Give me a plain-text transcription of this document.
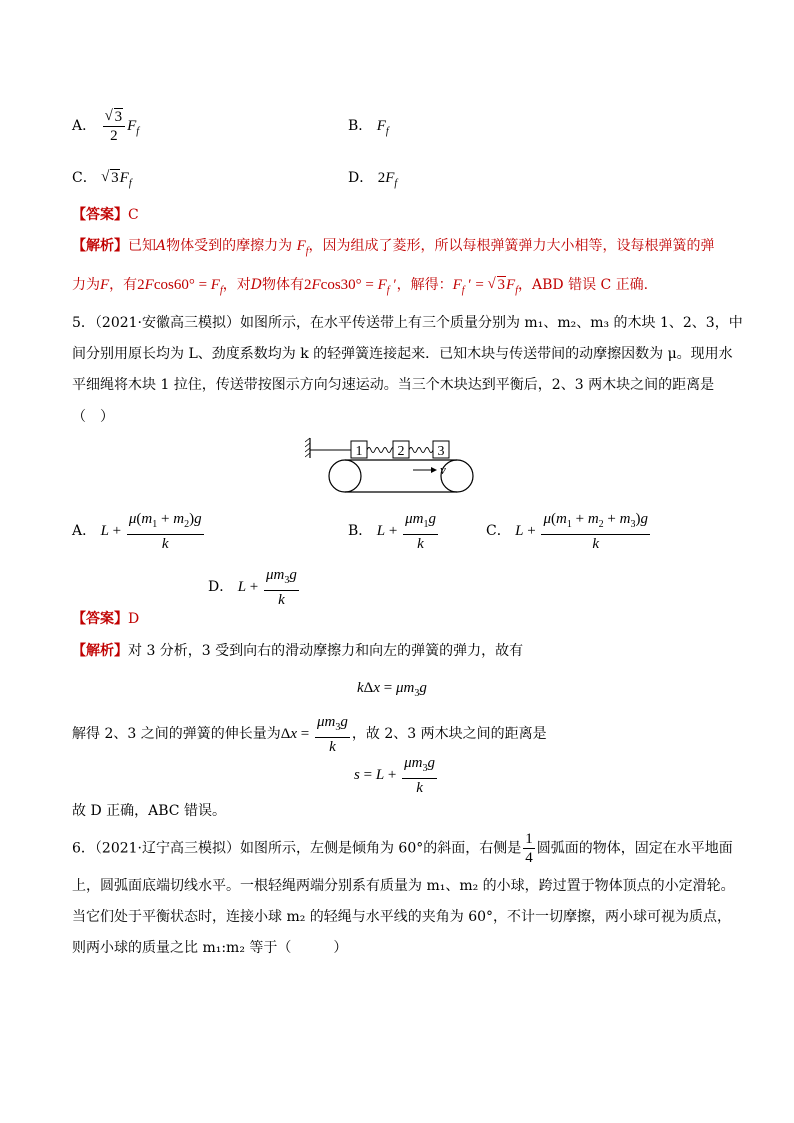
A． √ $\frac{3}{2} F_f$	B． $F_f$
C． √ $3F_f$	D． $2F_f$
【答案】C
【解析】已知A物体受到的摩擦力为 $F_f$，因为组成了菱形，所以每根弹簧弹力大小相等，设每根弹簧的弹
力为F，有$2Fcos60^\circ = F_f$，对D物体有$2Fcos30^\circ = F_f$ ′，解得：$F_f$ ′ = √ $3F_f$，ABD 错误 C 正确.
5．（2021·安徽高三模拟）如图所示，在水平传送带上有三个质量分别为 m₁、m₂、m₃ 的木块 1、2、3，中
间分别用原长均为 L、劲度系数均为 k 的轻弹簧连接起来．已知木块与传送带间的动摩擦因数为 μ。现用水
平细绳将木块 1 拉住，传送带按图示方向匀速运动。当三个木块达到平衡后，2、3 两木块之间的距离是
（　）
1	2 3
v
A． $L + \frac{\mu(m_1 + m_2)g}{k}$	B． $L + \frac{\mu m_1g}{k}$	C． $L + \frac{\mu(m_1 + m_2 + m_3)g}{k}$
D． $L + \frac{\mu m_3g}{k}$
【答案】D
【解析】对 3 分析，3 受到向右的滑动摩擦力和向左的弹簧的弹力，故有
$k\Delta x = \mu m_3g$
解得 2、3 之间的弹簧的伸长量为$\Delta x = \frac{\mu m_3g}{k}$ ，故 2、3 两木块之间的距离是
$s = L + \frac{\mu m_3g}{k}$
故 D 正确，ABC 错误。
6．（2021·辽宁高三模拟）如图所示，左侧是倾角为 60°的斜面，右侧是 $\frac{1}{4}$ 圆弧面的物体，固定在水平地面
上，圆弧面底端切线水平。一根轻绳两端分别系有质量为 m₁、m₂ 的小球，跨过置于物体顶点的小定滑轮。
当它们处于平衡状态时，连接小球 m₂ 的轻绳与水平线的夹角为 60°，不计一切摩擦，两小球可视为质点，
则两小球的质量之比 m₁:m₂ 等于（　　　）
